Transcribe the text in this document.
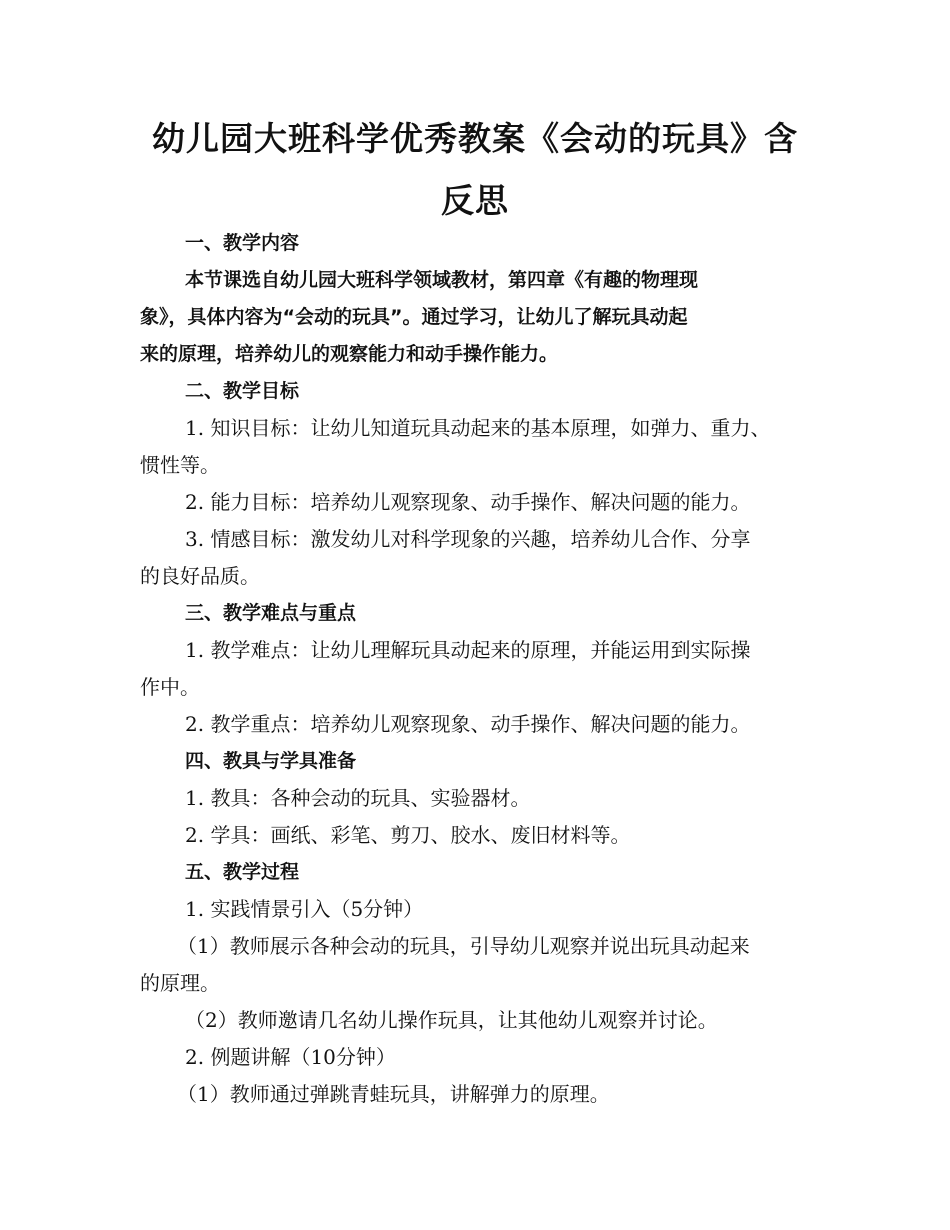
幼儿园大班科学优秀教案《会动的玩具》含
反思
一、教学内容
本节课选自幼儿园大班科学领域教材，第四章《有趣的物理现
象》，具体内容为“会动的玩具”。通过学习，让幼儿了解玩具动起
来的原理，培养幼儿的观察能力和动手操作能力。
二、教学目标
1. 知识目标：让幼儿知道玩具动起来的基本原理，如弹力、重力、
惯性等。
2. 能力目标：培养幼儿观察现象、动手操作、解决问题的能力。
3. 情感目标：激发幼儿对科学现象的兴趣，培养幼儿合作、分享
的良好品质。
三、教学难点与重点
1. 教学难点：让幼儿理解玩具动起来的原理，并能运用到实际操
作中。
2. 教学重点：培养幼儿观察现象、动手操作、解决问题的能力。
四、教具与学具准备
1. 教具：各种会动的玩具、实验器材。
2. 学具：画纸、彩笔、剪刀、胶水、废旧材料等。
五、教学过程
1. 实践情景引入（5分钟）
（1）教师展示各种会动的玩具，引导幼儿观察并说出玩具动起来
的原理。
（2）教师邀请几名幼儿操作玩具，让其他幼儿观察并讨论。
2. 例题讲解（10分钟）
（1）教师通过弹跳青蛙玩具，讲解弹力的原理。
